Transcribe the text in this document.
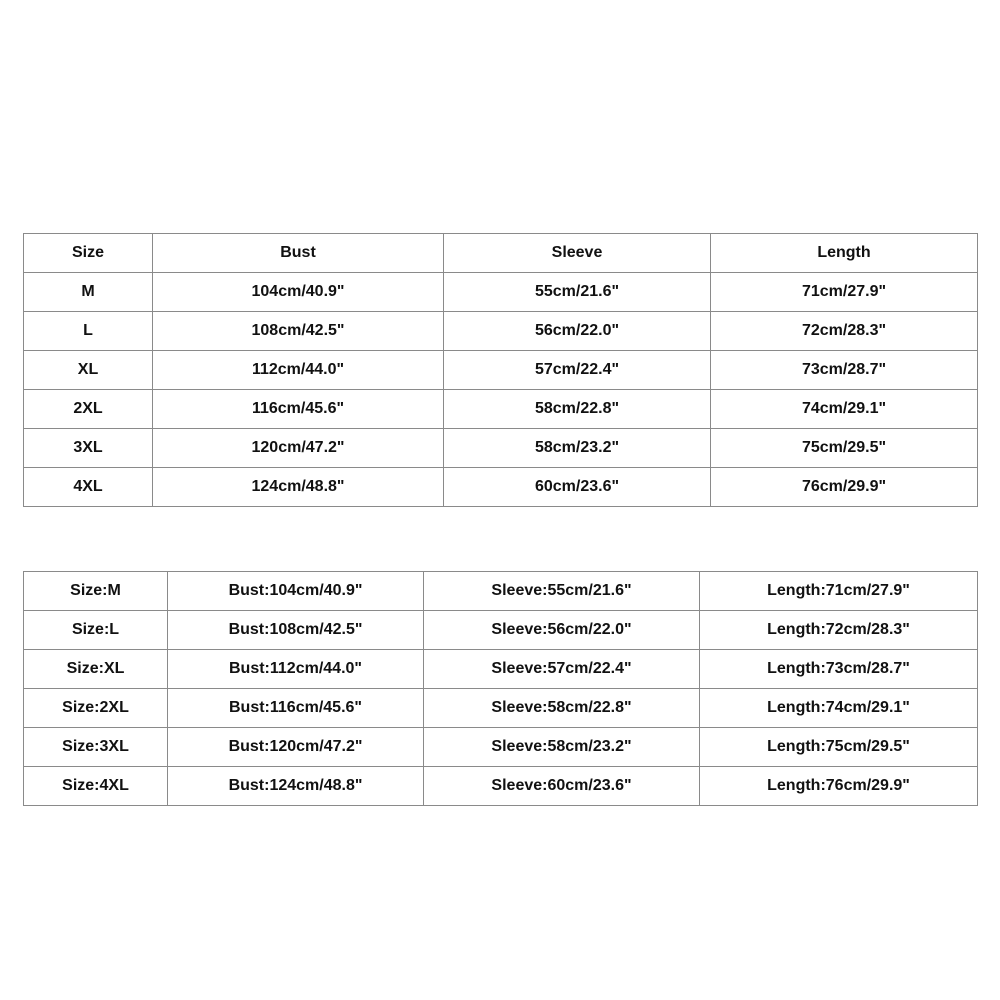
Size	Bust	Sleeve	Length
M	104cm/40.9"	55cm/21.6"	71cm/27.9"
L	108cm/42.5"	56cm/22.0"	72cm/28.3"
XL	112cm/44.0"	57cm/22.4"	73cm/28.7"
2XL	116cm/45.6"	58cm/22.8"	74cm/29.1"
3XL	120cm/47.2"	58cm/23.2"	75cm/29.5"
4XL	124cm/48.8"	60cm/23.6"	76cm/29.9"
Size:M	Bust:104cm/40.9"	Sleeve:55cm/21.6"	Length:71cm/27.9"
Size:L	Bust:108cm/42.5"	Sleeve:56cm/22.0"	Length:72cm/28.3"
Size:XL	Bust:112cm/44.0"	Sleeve:57cm/22.4"	Length:73cm/28.7"
Size:2XL	Bust:116cm/45.6"	Sleeve:58cm/22.8"	Length:74cm/29.1"
Size:3XL	Bust:120cm/47.2"	Sleeve:58cm/23.2"	Length:75cm/29.5"
Size:4XL	Bust:124cm/48.8"	Sleeve:60cm/23.6"	Length:76cm/29.9"
